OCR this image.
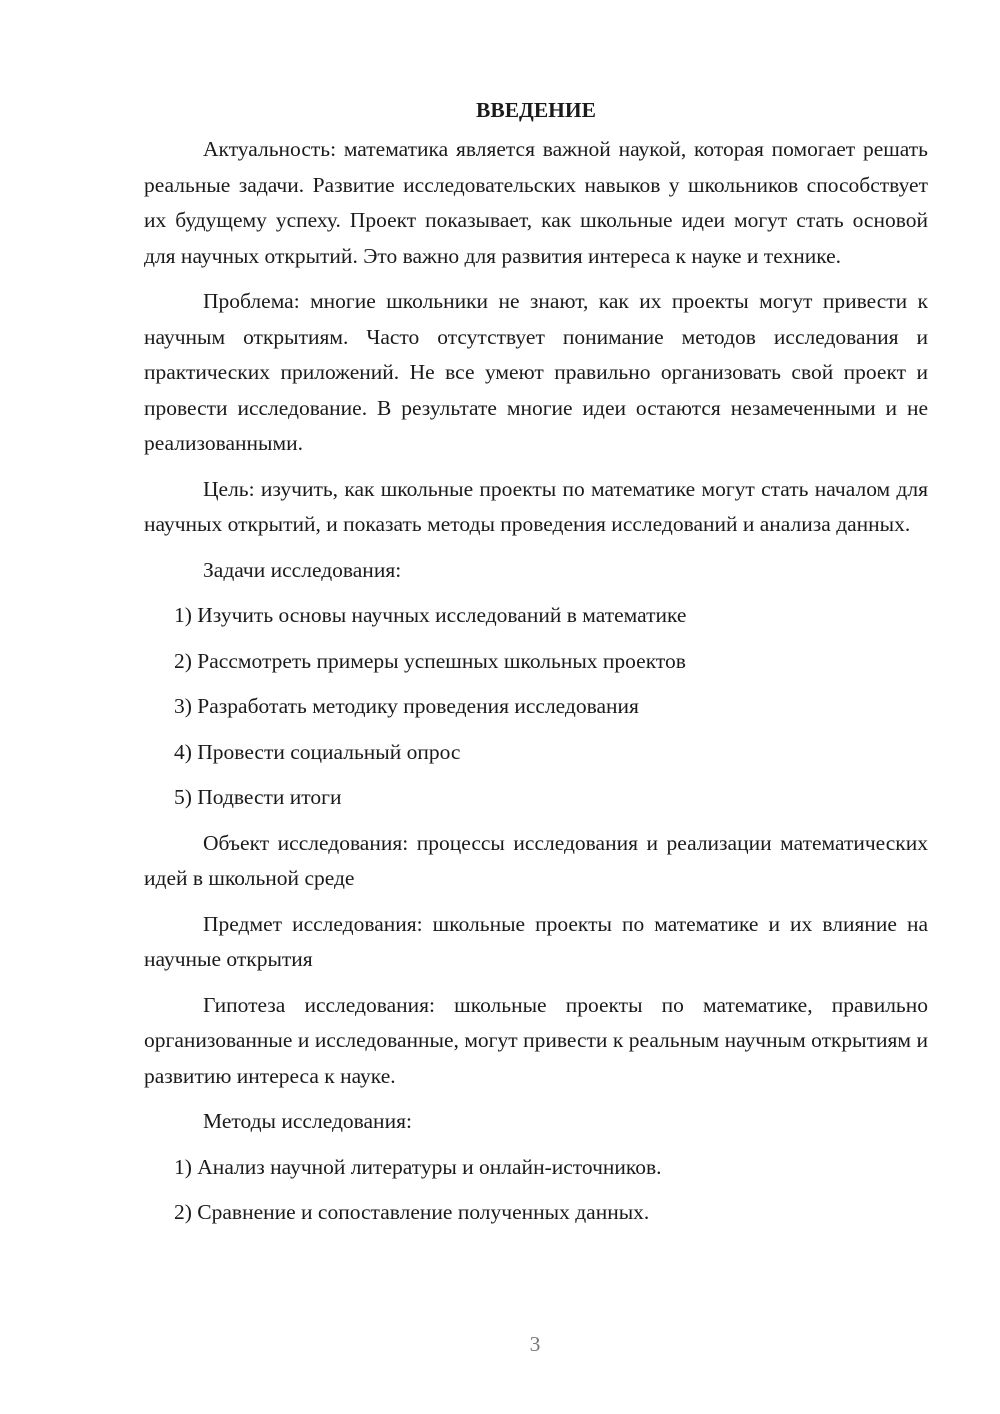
ВВЕДЕНИЕ

Актуальность: математика является важной наукой, которая помогает решать реальные задачи. Развитие исследовательских навыков у школьников способствует их будущему успеху. Проект показывает, как школьные идеи могут стать основой для научных открытий. Это важно для развития интереса к науке и технике.

Проблема: многие школьники не знают, как их проекты могут привести к научным открытиям. Часто отсутствует понимание методов исследования и практических приложений. Не все умеют правильно организовать свой проект и провести исследование. В результате многие идеи остаются незамеченными и не реализованными.

Цель: изучить, как школьные проекты по математике могут стать началом для научных открытий, и показать методы проведения исследований и анализа данных.

Задачи исследования:

1) Изучить основы научных исследований в математике
2) Рассмотреть примеры успешных школьных проектов
3) Разработать методику проведения исследования
4) Провести социальный опрос
5) Подвести итоги

Объект исследования: процессы исследования и реализации математических идей в школьной среде

Предмет исследования: школьные проекты по математике и их влияние на научные открытия

Гипотеза исследования: школьные проекты по математике, правильно организованные и исследованные, могут привести к реальным научным открытиям и развитию интереса к науке.

Методы исследования:

1) Анализ научной литературы и онлайн-источников.
2) Сравнение и сопоставление полученных данных.
3
